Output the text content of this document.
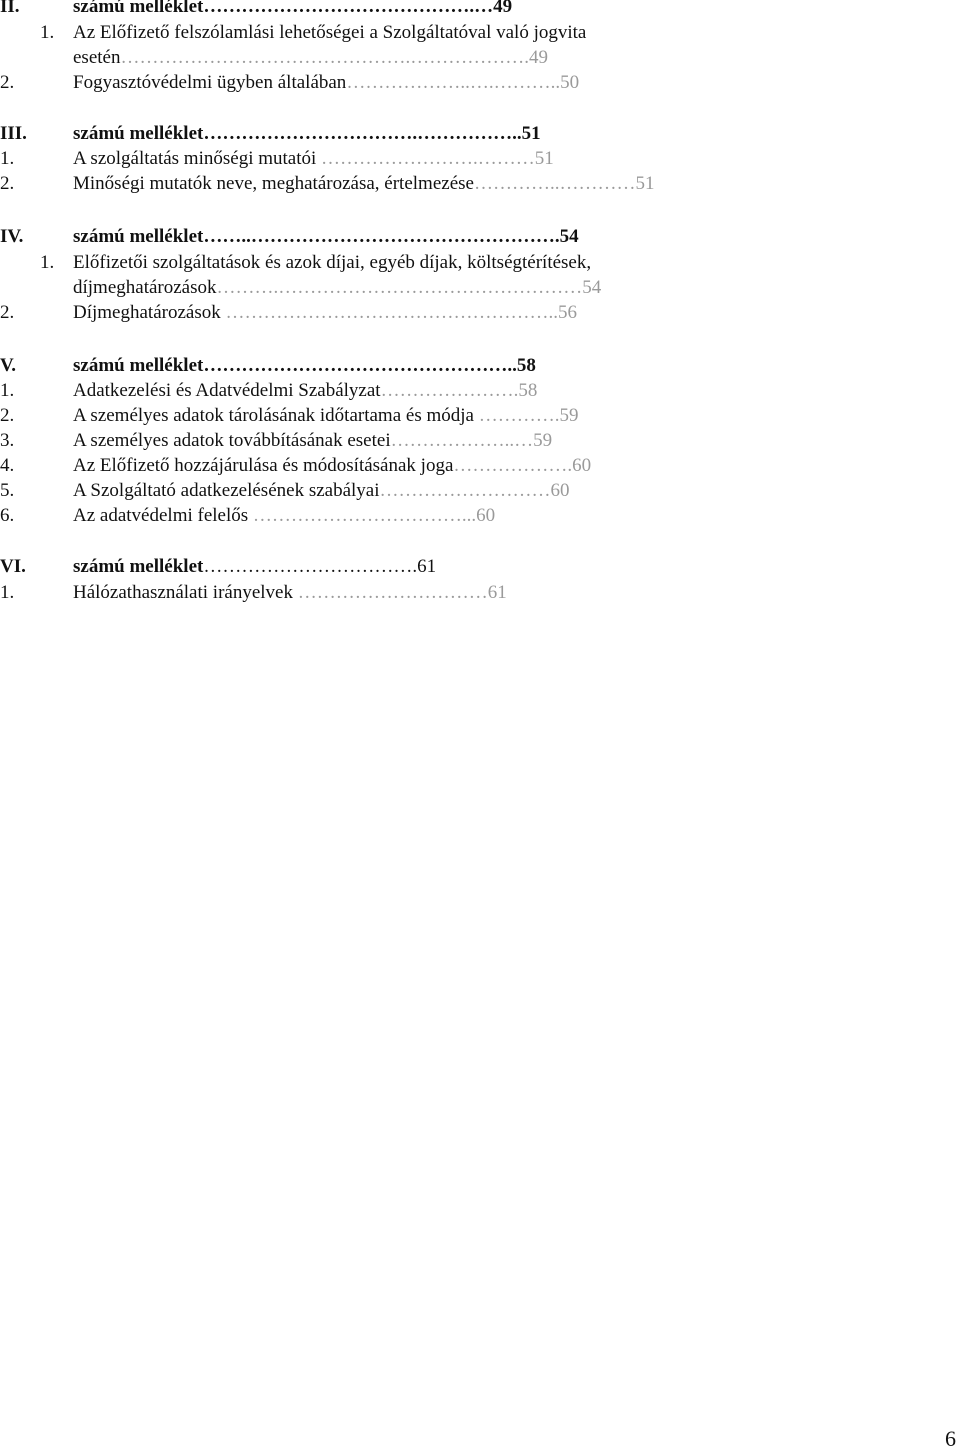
II.	számú melléklet…………………………………….…49
1. Az Előfizető felszólamlási lehetőségei a Szolgáltatóval való jogvita
esetén……………………………………….……………….49
2.	Fogyasztóvédelmi ügyben általában………………..….………..50
III. számú melléklet…………………………….……………..51
1.	A szolgáltatás minőségi mutatói …………………….………51
2.	Minőségi mutatók neve, meghatározása, értelmezése…………..…………51
IV.	számú melléklet……..………………………………………….54
1. Előfizetői szolgáltatások és azok díjai, egyéb díjak, költségtérítések,
díjmeghatározások……….…………………………………………54
2.	Díjmeghatározások ……………………………………………..56
V.	számú melléklet…………………………………………..58
1.	Adatkezelési és Adatvédelmi Szabályzat………………….58
2.	A személyes adatok tárolásának időtartama és módja ………….59
3.	A személyes adatok továbbításának esetei………………..…59
4.	Az Előfizető hozzájárulása és módosításának joga……………….60
5.	A Szolgáltató adatkezelésének szabályai………………………60
6.	Az adatvédelmi felelős ……………………………...60
VI. számú melléklet…………………………….61
1.	Hálózathasználati irányelvek …………………………61
6
